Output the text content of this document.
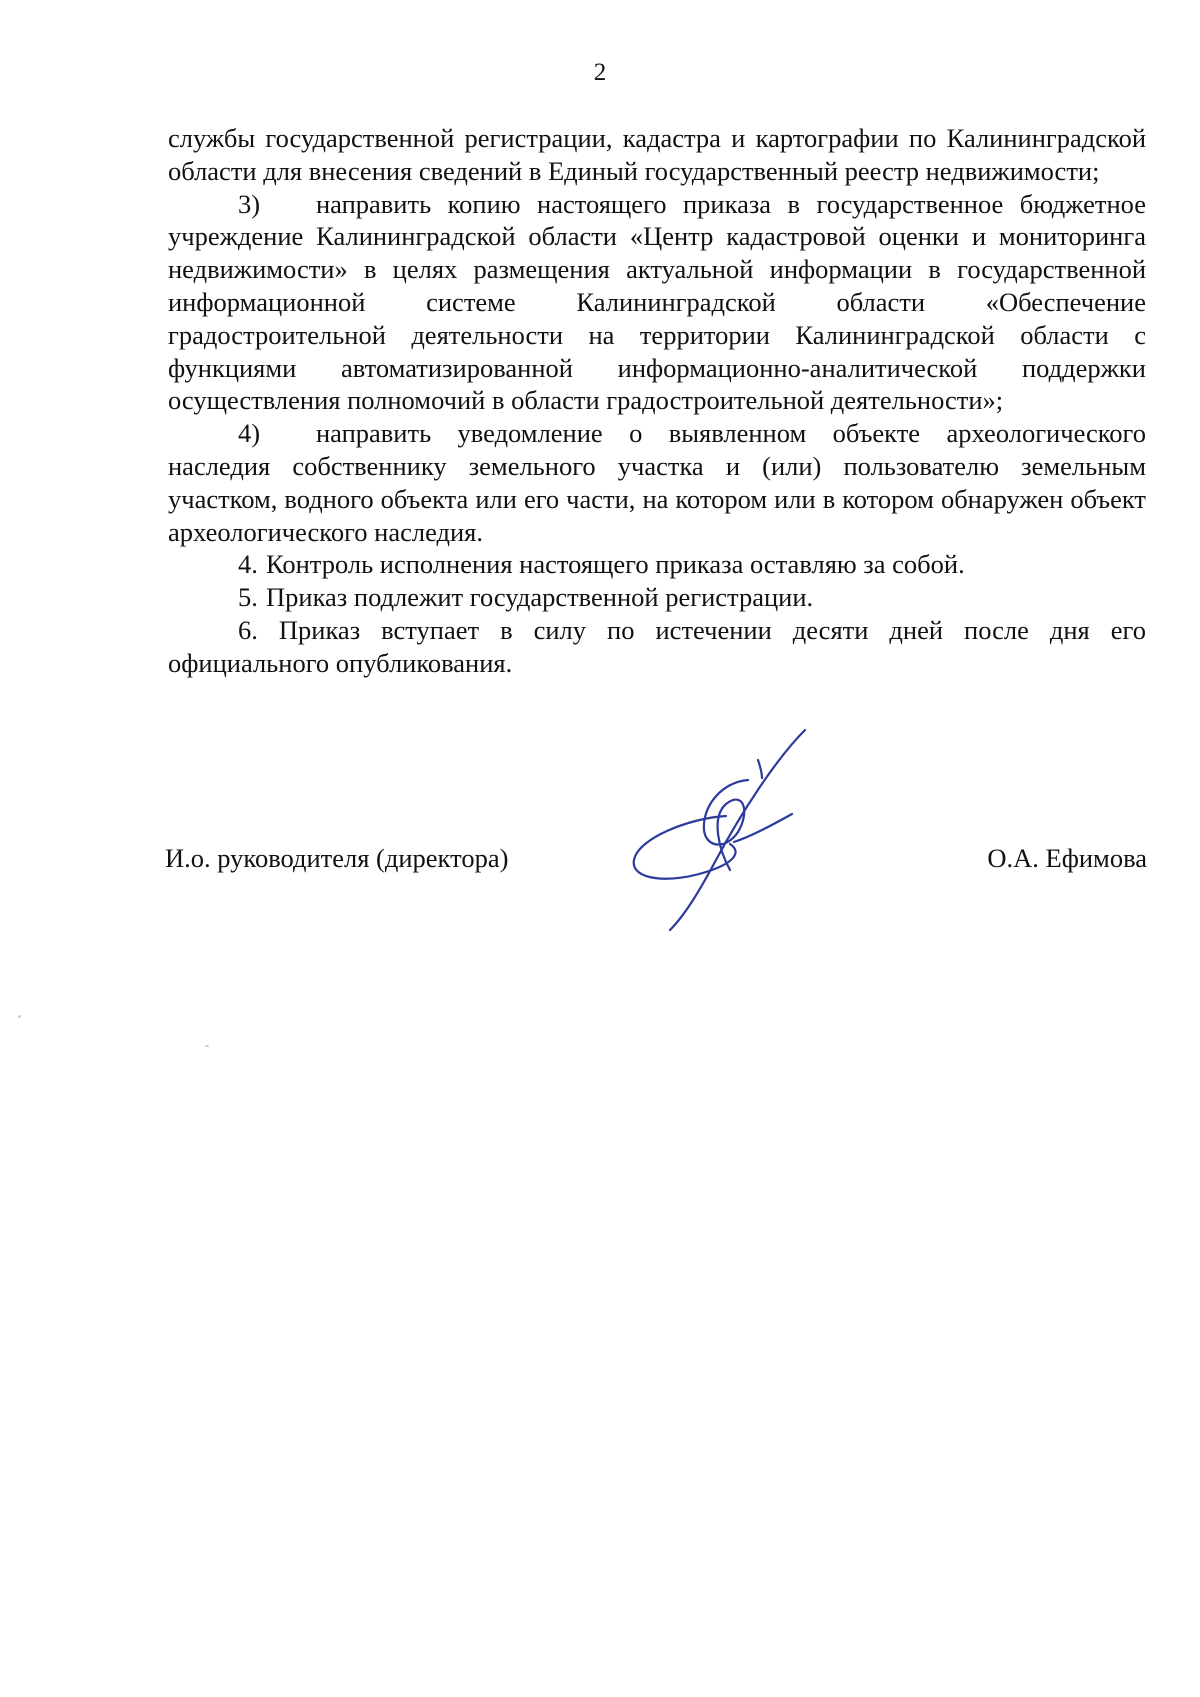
2

службы государственной регистрации, кадастра и картографии по Калининградской области для внесения сведений в Единый государственный реестр недвижимости;

3) направить копию настоящего приказа в государственное бюджетное учреждение Калининградской области «Центр кадастровой оценки и мониторинга недвижимости» в целях размещения актуальной информации в государственной информационной системе Калининградской области «Обеспечение градостроительной деятельности на территории Калининградской области с функциями автоматизированной информационно-аналитической поддержки осуществления полномочий в области градостроительной деятельности»;

4) направить уведомление о выявленном объекте археологического наследия собственнику земельного участка и (или) пользователю земельным участком, водного объекта или его части, на котором или в котором обнаружен объект археологического наследия.

4. Контроль исполнения настоящего приказа оставляю за собой.

5. Приказ подлежит государственной регистрации.

6. Приказ вступает в силу по истечении десяти дней после дня его официального опубликования.

И.о. руководителя (директора)	О.А. Ефимова
